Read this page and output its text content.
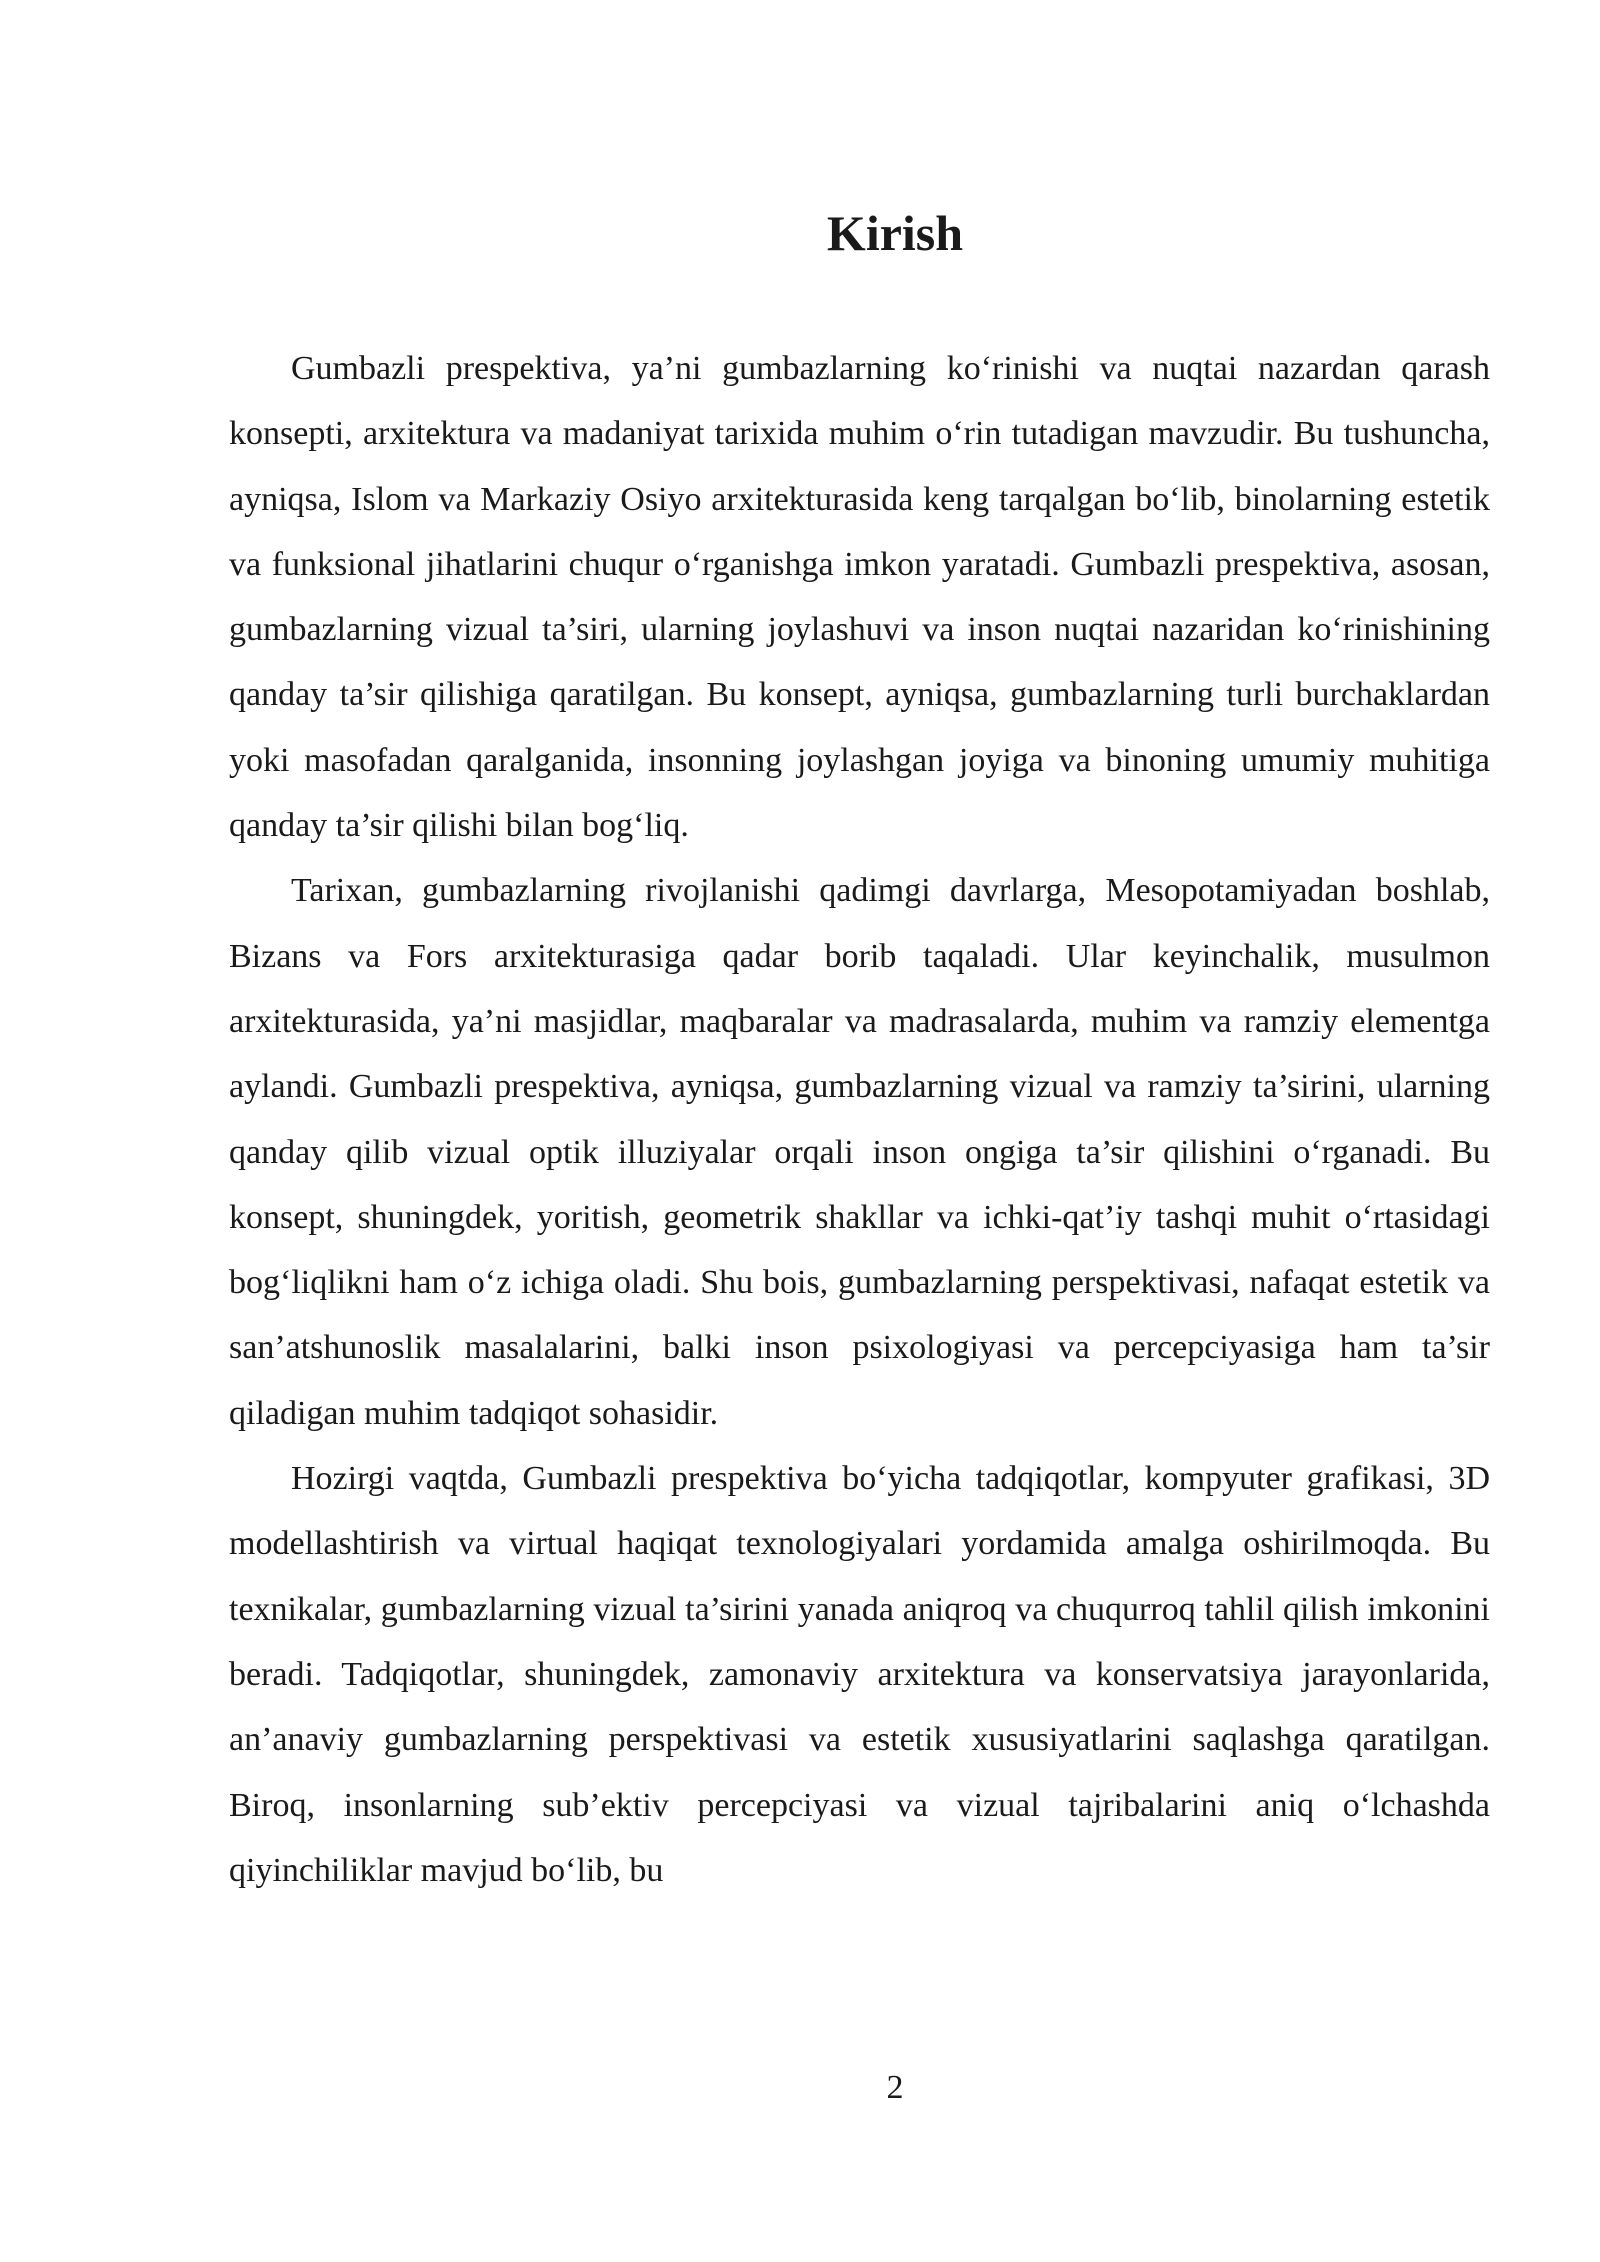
Kirish

Gumbazli prespektiva, ya’ni gumbazlarning ko‘rinishi va nuqtai nazardan qarash konsepti, arxitektura va madaniyat tarixida muhim o‘rin tutadigan mavzudir. Bu tushuncha, ayniqsa, Islom va Markaziy Osiyo arxitekturasida keng tarqalgan bo‘lib, binolarning estetik va funksional jihatlarini chuqur o‘rganishga imkon yaratadi. Gumbazli prespektiva, asosan, gumbazlarning vizual ta’siri, ularning joylashuvi va inson nuqtai nazaridan ko‘rinishining qanday ta’sir qilishiga qaratilgan. Bu konsept, ayniqsa, gumbazlarning turli burchaklardan yoki masofadan qaralganida, insonning joylashgan joyiga va binoning umumiy muhitiga qanday ta’sir qilishi bilan bog‘liq.

Tarixan, gumbazlarning rivojlanishi qadimgi davrlarga, Mesopotamiyadan boshlab, Bizans va Fors arxitekturasiga qadar borib taqaladi. Ular keyinchalik, musulmon arxitekturasida, ya’ni masjidlar, maqbaralar va madrasalarda, muhim va ramziy elementga aylandi. Gumbazli prespektiva, ayniqsa, gumbazlarning vizual va ramziy ta’sirini, ularning qanday qilib vizual optik illuziyalar orqali inson ongiga ta’sir qilishini o‘rganadi. Bu konsept, shuningdek, yoritish, geometrik shakllar va ichki-qat’iy tashqi muhit o‘rtasidagi bog‘liqlikni ham o‘z ichiga oladi. Shu bois, gumbazlarning perspektivasi, nafaqat estetik va san’atshunoslik masalalarini, balki inson psixologiyasi va percepciyasiga ham ta’sir qiladigan muhim tadqiqot sohasidir.

Hozirgi vaqtda, Gumbazli prespektiva bo‘yicha tadqiqotlar, kompyuter grafikasi, 3D modellashtirish va virtual haqiqat texnologiyalari yordamida amalga oshirilmoqda. Bu texnikalar, gumbazlarning vizual ta’sirini yanada aniqroq va chuqurroq tahlil qilish imkonini beradi. Tadqiqotlar, shuningdek, zamonaviy arxitektura va konservatsiya jarayonlarida, an’anaviy gumbazlarning perspektivasi va estetik xususiyatlarini saqlashga qaratilgan. Biroq, insonlarning sub’ektiv percepciyasi va vizual tajribalarini aniq o‘lchashda qiyinchiliklar mavjud bo‘lib, bu

2
